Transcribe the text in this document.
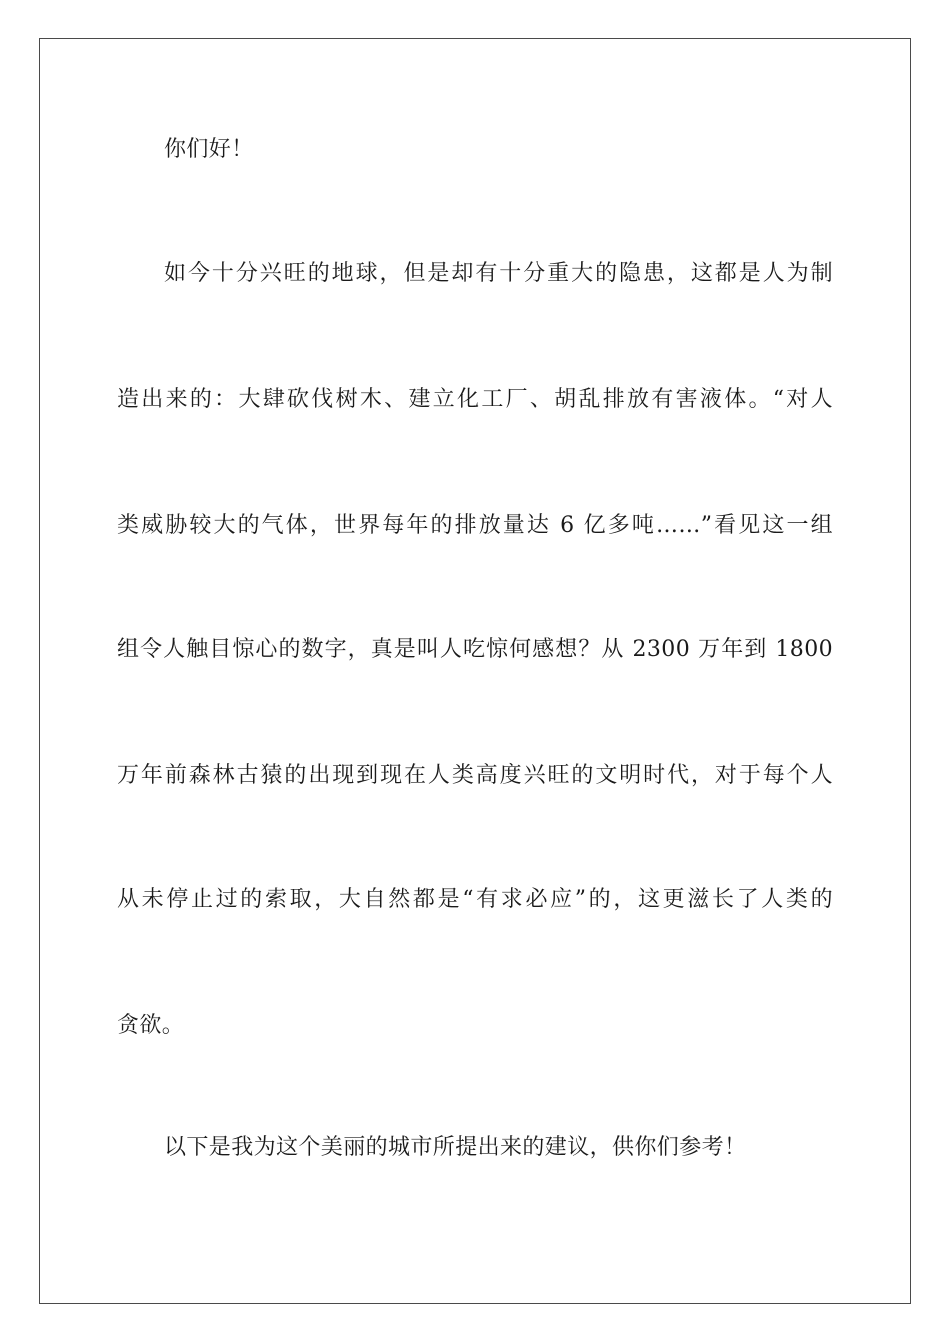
你们好！
如今十分兴旺的地球，但是却有十分重大的隐患，这都是人为制
造出来的：大肆砍伐树木、建立化工厂、胡乱排放有害液体。“对人
类威胁较大的气体，世界每年的排放量达 6 亿多吨……”看见这一组
组令人触目惊心的数字，真是叫人吃惊何感想？从 2300 万年到 1800
万年前森林古猿的出现到现在人类高度兴旺的文明时代，对于每个人
从未停止过的索取，大自然都是“有求必应”的，这更滋长了人类的
贪欲。
以下是我为这个美丽的城市所提出来的建议，供你们参考！
